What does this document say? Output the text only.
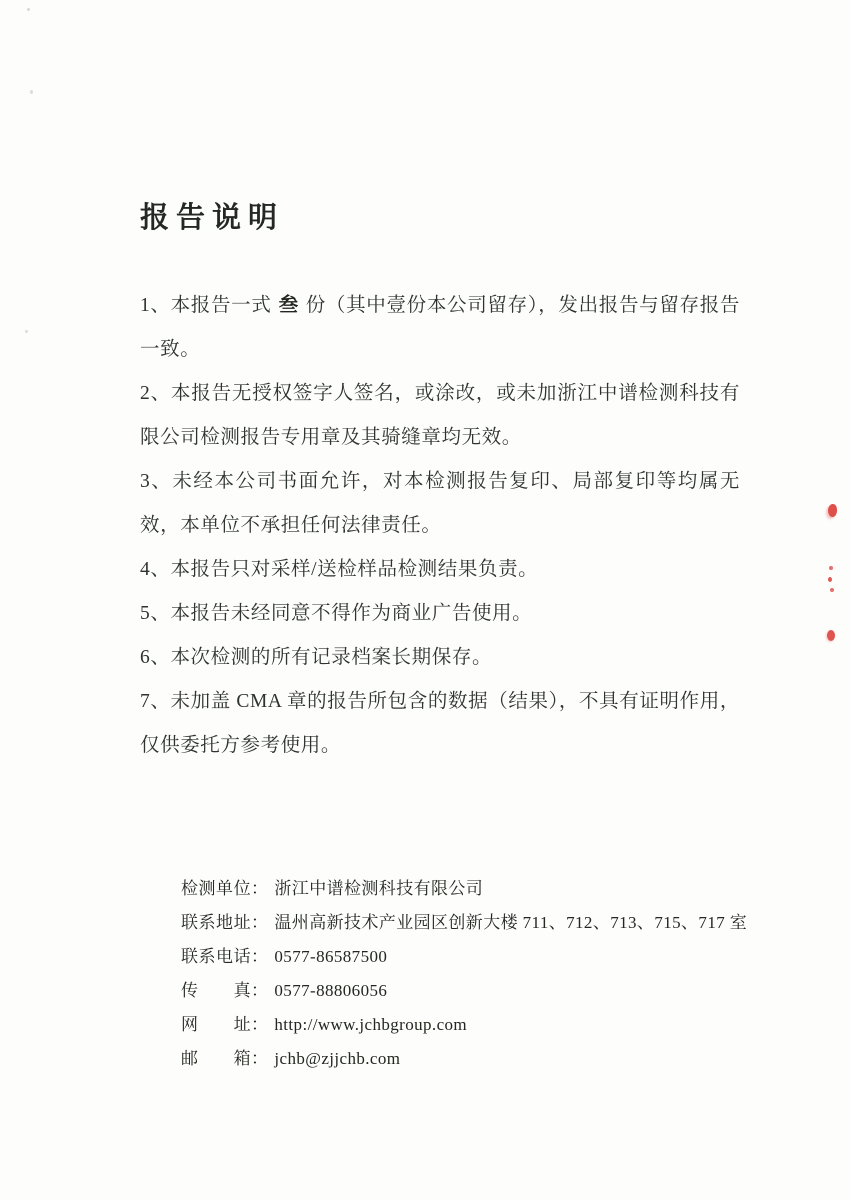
报告说明

1、本报告一式 叁 份（其中壹份本公司留存），发出报告与留存报告一致。

2、本报告无授权签字人签名，或涂改，或未加浙江中谱检测科技有限公司检测报告专用章及其骑缝章均无效。

3、未经本公司书面允许，对本检测报告复印、局部复印等均属无效，本单位不承担任何法律责任。

4、本报告只对采样/送检样品检测结果负责。

5、本报告未经同意不得作为商业广告使用。

6、本次检测的所有记录档案长期保存。

7、未加盖 CMA 章的报告所包含的数据（结果），不具有证明作用，仅供委托方参考使用。

检测单位： 浙江中谱检测科技有限公司
联系地址： 温州高新技术产业园区创新大楼 711、712、713、715、717 室
联系电话： 0577-86587500
传真： 0577-88806056
网址： http://www.jchbgroup.com
邮箱： jchb@zjjchb.com
